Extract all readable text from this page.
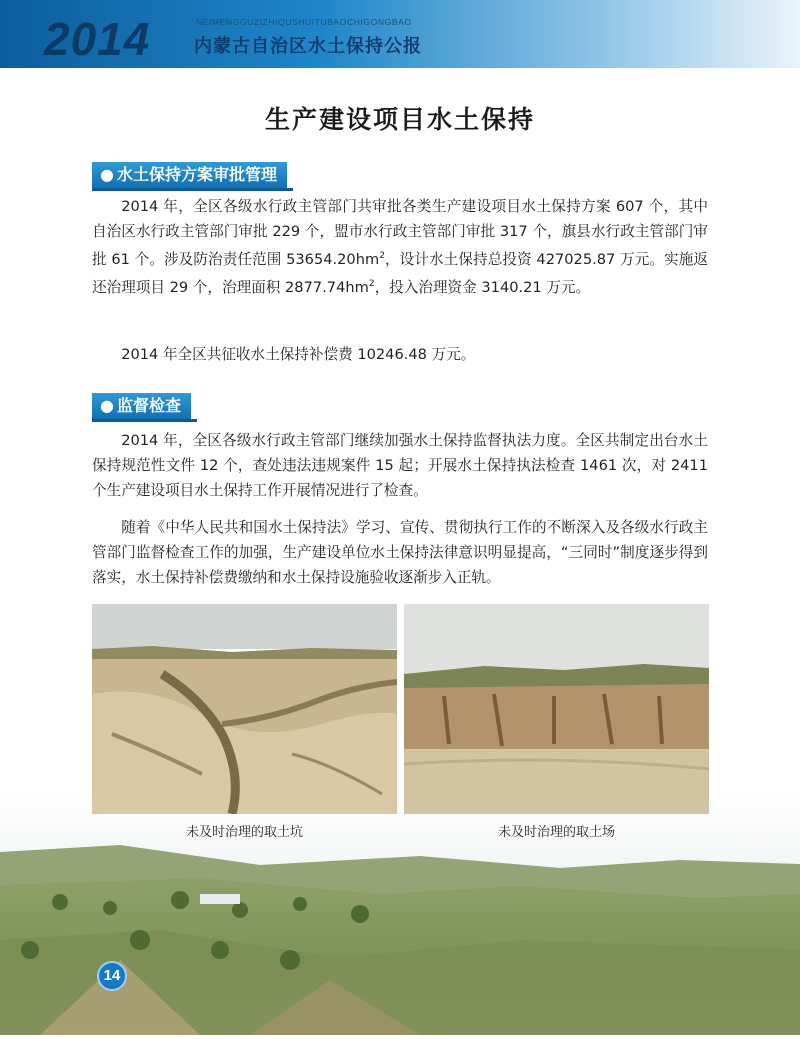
2014	NEIMENGGUZIZHIQUSHUITUBAOCHIGONGBAO
内蒙古自治区水土保持公报
生产建设项目水土保持
● 水土保持方案审批管理

2014 年，全区各级水行政主管部门共审批各类生产建设项目水土保持方案 607 个，其中自治区水行政主管部门审批 229 个，盟市水行政主管部门审批 317 个，旗县水行政主管部门审批 61 个。涉及防治责任范围 $53654.20hm^2$，设计水土保持总投资 427025.87 万元。实施返还治理项目 29 个，治理面积 $2877.74hm^2$，投入治理资金 3140.21 万元。

2014 年全区共征收水土保持补偿费 10246.48 万元。

● 监督检查

2014 年，全区各级水行政主管部门继续加强水土保持监督执法力度。全区共制定出台水土保持规范性文件 12 个，查处违法违规案件 15 起；开展水土保持执法检查 1461 次，对 2411 个生产建设项目水土保持工作开展情况进行了检查。

随着《中华人民共和国水土保持法》学习、宣传、贯彻执行工作的不断深入及各级水行政主管部门监督检查工作的加强，生产建设单位水土保持法律意识明显提高，“三同时”制度逐步得到落实，水土保持补偿费缴纳和水土保持设施验收逐渐步入正轨。

未及时治理的取土坑	未及时治理的取土场
14
